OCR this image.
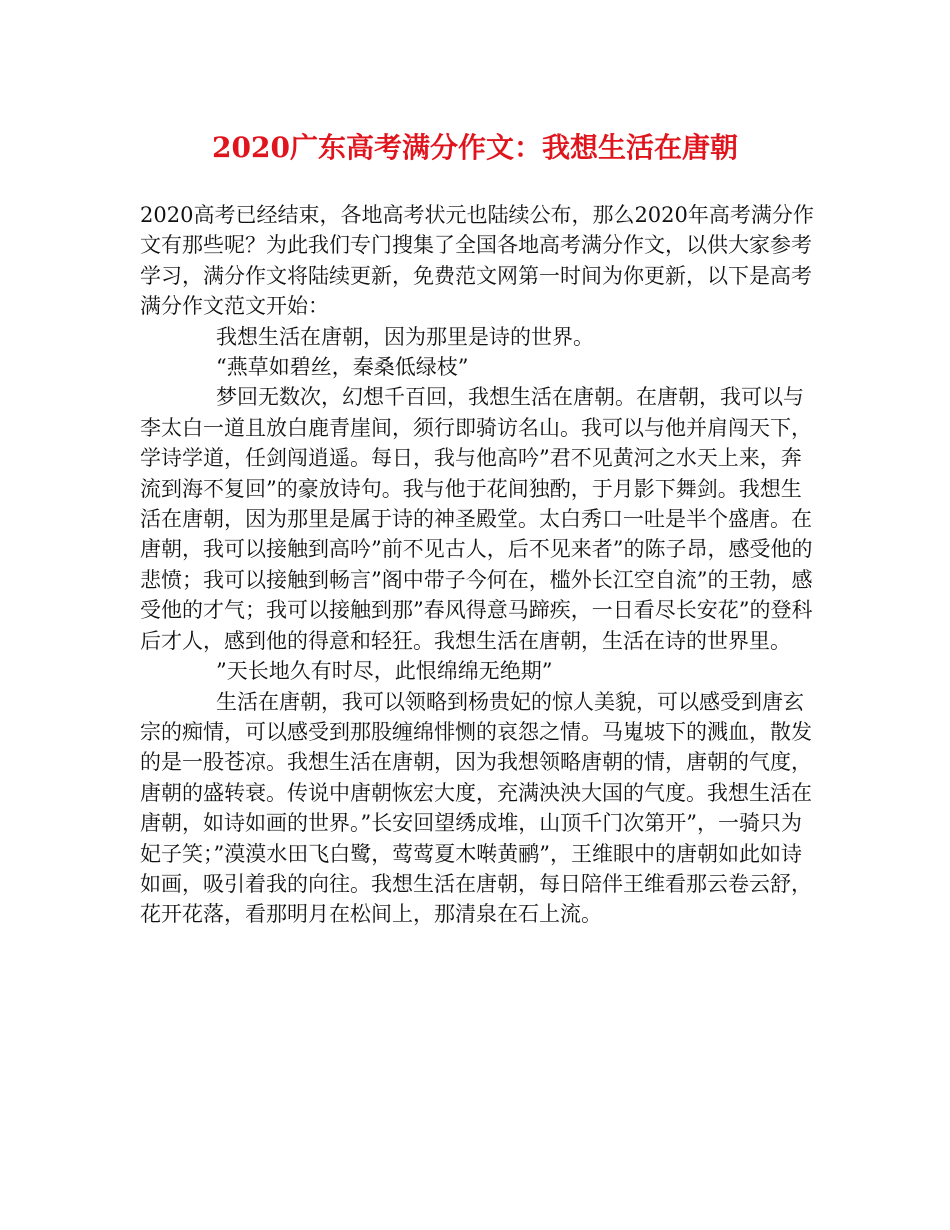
2020广东高考满分作文：我想生活在唐朝

2020高考已经结束，各地高考状元也陆续公布，那么2020年高考满分作文有那些呢？为此我们专门搜集了全国各地高考满分作文，以供大家参考学习，满分作文将陆续更新，免费范文网第一时间为你更新，以下是高考满分作文范文开始：

我想生活在唐朝，因为那里是诗的世界。

“燕草如碧丝，秦桑低绿枝”

梦回无数次，幻想千百回，我想生活在唐朝。在唐朝，我可以与李太白一道且放白鹿青崖间，须行即骑访名山。我可以与他并肩闯天下，学诗学道，任剑闯逍遥。每日，我与他高吟”君不见黄河之水天上来，奔流到海不复回”的豪放诗句。我与他于花间独酌，于月影下舞剑。我想生活在唐朝，因为那里是属于诗的神圣殿堂。太白秀口一吐是半个盛唐。在唐朝，我可以接触到高吟”前不见古人，后不见来者”的陈子昂，感受他的悲愤；我可以接触到畅言”阁中带子今何在，槛外长江空自流”的王勃，感受他的才气；我可以接触到那”春风得意马蹄疾，一日看尽长安花”的登科后才人，感到他的得意和轻狂。我想生活在唐朝，生活在诗的世界里。

”天长地久有时尽，此恨绵绵无绝期”

生活在唐朝，我可以领略到杨贵妃的惊人美貌，可以感受到唐玄宗的痴情，可以感受到那股缠绵悱恻的哀怨之情。马嵬坡下的溅血，散发的是一股苍凉。我想生活在唐朝，因为我想领略唐朝的情，唐朝的气度，唐朝的盛转衰。传说中唐朝恢宏大度，充满泱泱大国的气度。我想生活在唐朝，如诗如画的世界。”长安回望绣成堆，山顶千门次第开”，一骑只为妃子笑；”漠漠水田飞白鹭，莺莺夏木啭黄鹂”，王维眼中的唐朝如此如诗如画，吸引着我的向往。我想生活在唐朝，每日陪伴王维看那云卷云舒，花开花落，看那明月在松间上，那清泉在石上流。
